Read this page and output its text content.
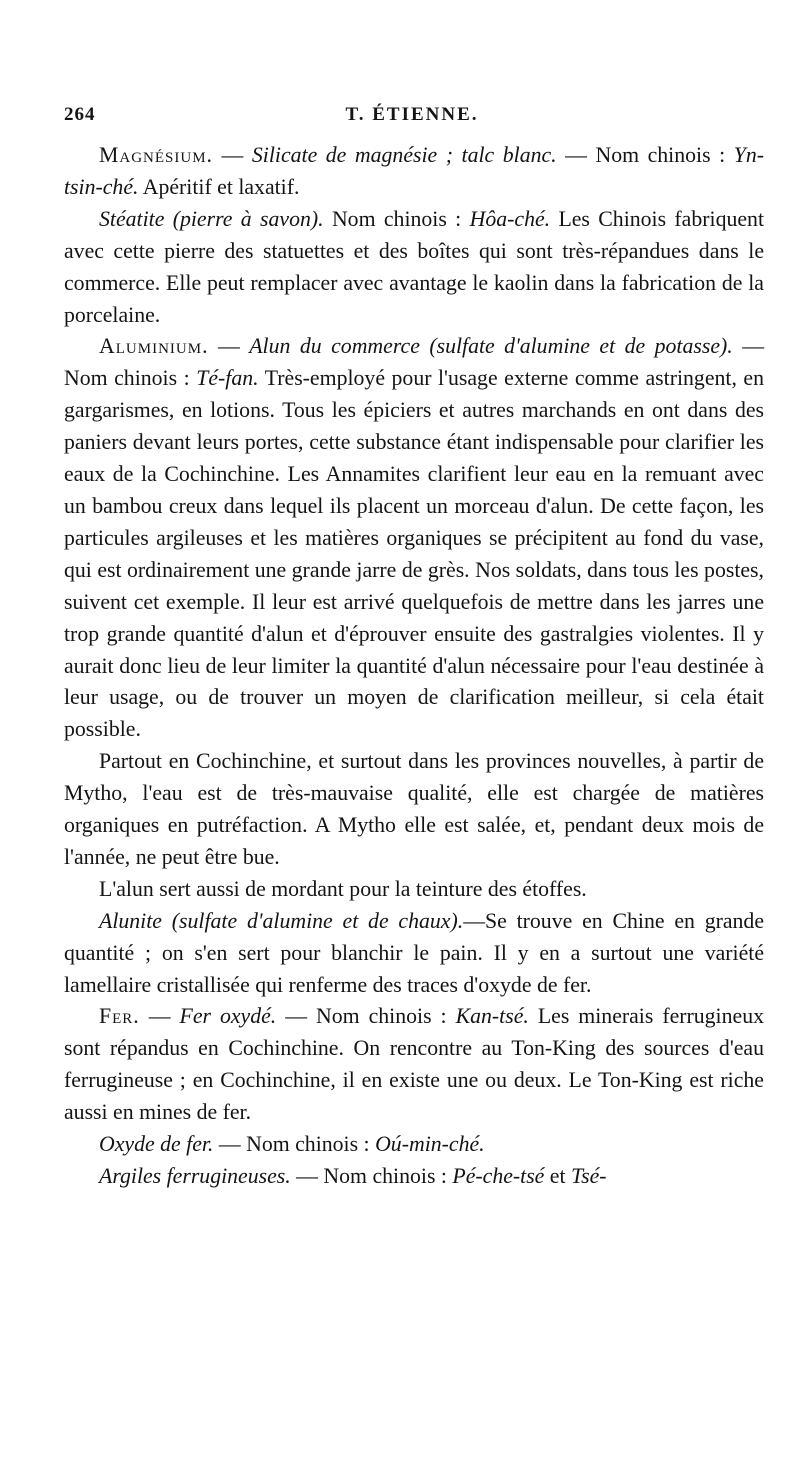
264	T. ÉTIENNE.

Magnésium. — Silicate de magnésie ; talc blanc. — Nom chinois : Yn-tsin-ché. Apéritif et laxatif.

Stéatite (pierre à savon). Nom chinois : Hôa-ché. Les Chinois fabriquent avec cette pierre des statuettes et des boîtes qui sont très-répandues dans le commerce. Elle peut remplacer avec avantage le kaolin dans la fabrication de la porcelaine.

Aluminium. — Alun du commerce (sulfate d'alumine et de potasse). — Nom chinois : Té-fan. Très-employé pour l'usage externe comme astringent, en gargarismes, en lotions. Tous les épiciers et autres marchands en ont dans des paniers devant leurs portes, cette substance étant indispensable pour clarifier les eaux de la Cochinchine. Les Annamites clarifient leur eau en la remuant avec un bambou creux dans lequel ils placent un morceau d'alun. De cette façon, les particules argileuses et les matières organiques se précipitent au fond du vase, qui est ordinairement une grande jarre de grès. Nos soldats, dans tous les postes, suivent cet exemple. Il leur est arrivé quelquefois de mettre dans les jarres une trop grande quantité d'alun et d'éprouver ensuite des gastralgies violentes. Il y aurait donc lieu de leur limiter la quantité d'alun nécessaire pour l'eau destinée à leur usage, ou de trouver un moyen de clarification meilleur, si cela était possible.

Partout en Cochinchine, et surtout dans les provinces nouvelles, à partir de Mytho, l'eau est de très-mauvaise qualité, elle est chargée de matières organiques en putréfaction. A Mytho elle est salée, et, pendant deux mois de l'année, ne peut être bue.

L'alun sert aussi de mordant pour la teinture des étoffes.

Alunite (sulfate d'alumine et de chaux).—Se trouve en Chine en grande quantité ; on s'en sert pour blanchir le pain. Il y en a surtout une variété lamellaire cristallisée qui renferme des traces d'oxyde de fer.

Fer. — Fer oxydé. — Nom chinois : Kan-tsé. Les minerais ferrugineux sont répandus en Cochinchine. On rencontre au Ton-King des sources d'eau ferrugineuse ; en Cochinchine, il en existe une ou deux. Le Ton-King est riche aussi en mines de fer.

Oxyde de fer. — Nom chinois : Oú-min-ché.

Argiles ferrugineuses. — Nom chinois : Pé-che-tsé et Tsé-
